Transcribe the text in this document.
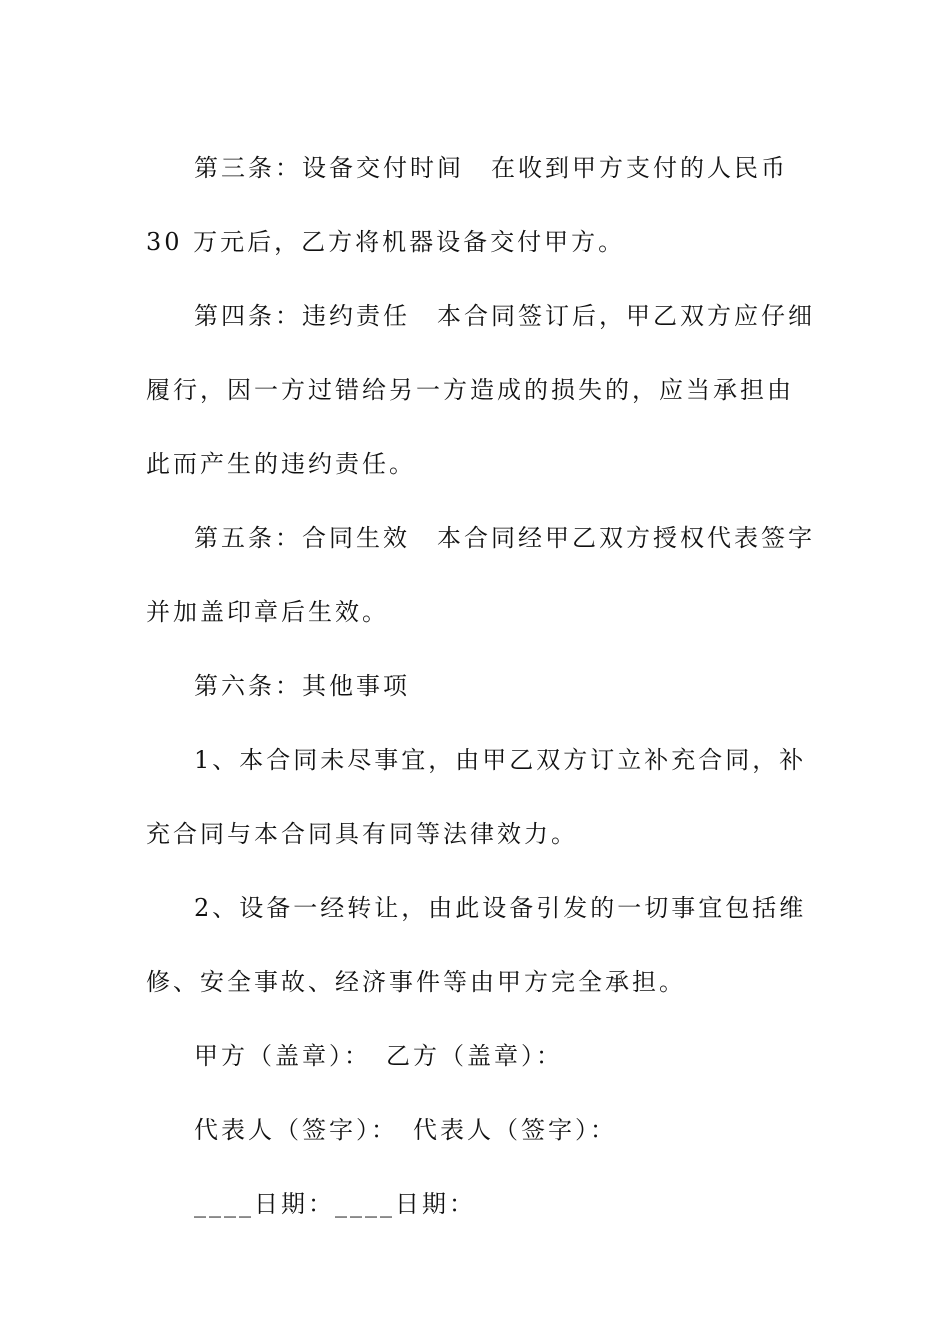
第三条：设备交付时间　在收到甲方支付的人民币 30 万元后，乙方将机器设备交付甲方。

第四条：违约责任　本合同签订后，甲乙双方应仔细履行，因一方过错给另一方造成的损失的，应当承担由此而产生的违约责任。

第五条：合同生效　本合同经甲乙双方授权代表签字并加盖印章后生效。

第六条：其他事项

1、本合同未尽事宜，由甲乙双方订立补充合同，补充合同与本合同具有同等法律效力。

2、设备一经转让，由此设备引发的一切事宜包括维修、安全事故、经济事件等由甲方完全承担。

甲方（盖章）：　乙方（盖章）：

代表人（签字）：　代表人（签字）：

____日期：____日期：
